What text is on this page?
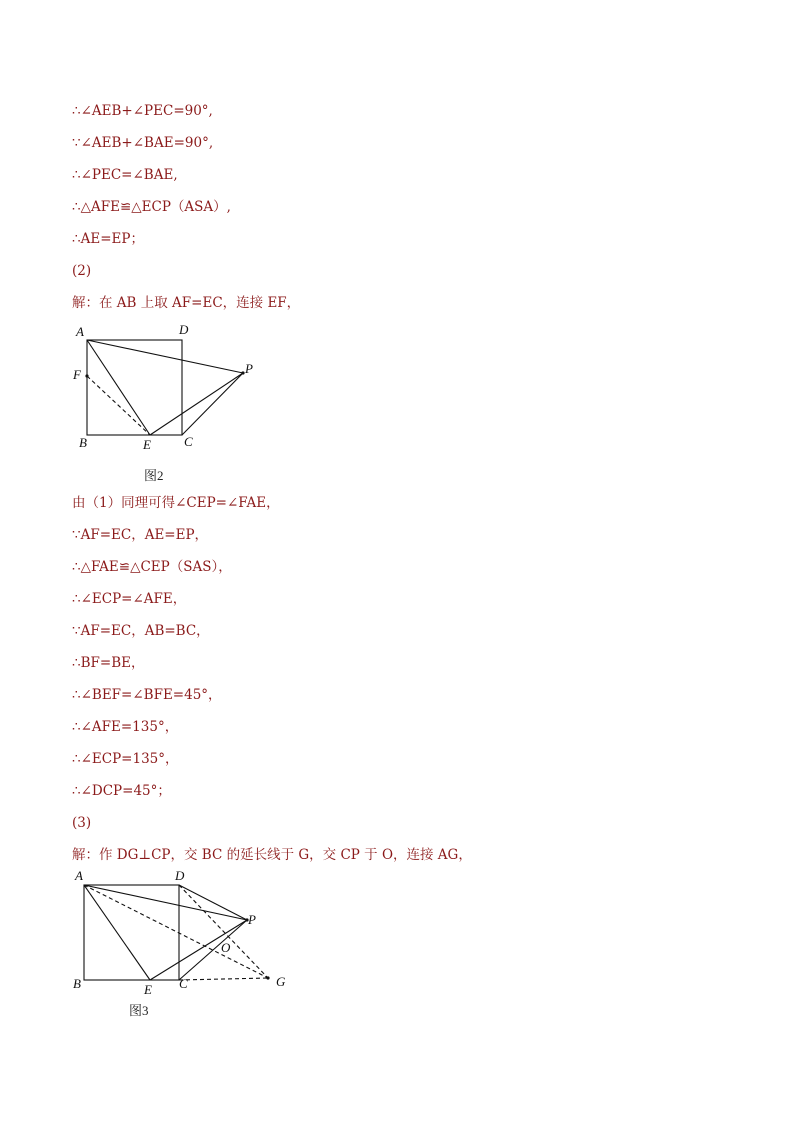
∴∠AEB+∠PEC=90°,
∵∠AEB+∠BAE=90°,
∴∠PEC=∠BAE,
∴△AFE≌△ECP（ASA）,
∴AE=EP；
(2)
解：在 AB 上取 AF=EC，连接 EF，
A	D
P
F
B	E	C
图2
由（1）同理可得∠CEP=∠FAE，
∵AF=EC，AE=EP，
∴△FAE≌△CEP（SAS），
∴∠ECP=∠AFE，
∵AF=EC，AB=BC，
∴BF=BE，
∴∠BEF=∠BFE=45°，
∴∠AFE=135°，
∴∠ECP=135°，
∴∠DCP=45°；
(3)
解：作 DG⊥CP，交 BC 的延长线于 G，交 CP 于 O，连接 AG，
A	D
P
O
B	E C	G
图3
